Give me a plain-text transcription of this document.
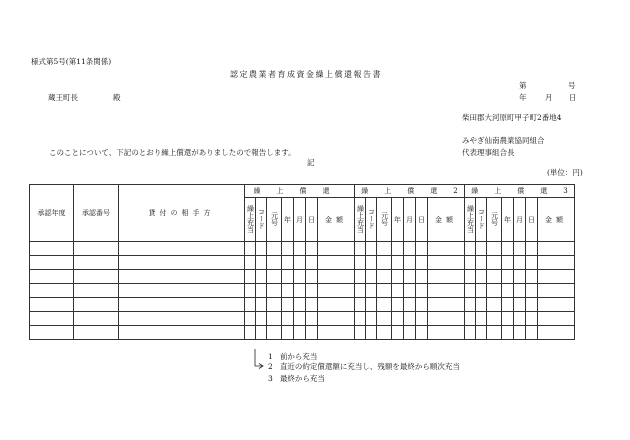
様式第5号(第11条関係)
認定農業者育成資金繰上償還報告書
第	号
年 月 日
蔵王町長	殿
柴田郡大河原町甲子町2番地4
みやぎ仙南農業協同組合
代表理事組合長
このことについて、下記のとおり繰上償還がありましたので報告します。
記
(単位：円)
承認年度	承認番号	貸付の相手方	繰上償還							繰上償還2							繰上償還3						
			繰上充当	コード	元号	年	月	日	金額	繰上充当	コード	元号	年	月	日	金額	繰上充当	コード	元号	年	月	日	金額

1 前から充当
2 直近の約定償還額に充当し、残額を最終から順次充当
3 最終から充当
